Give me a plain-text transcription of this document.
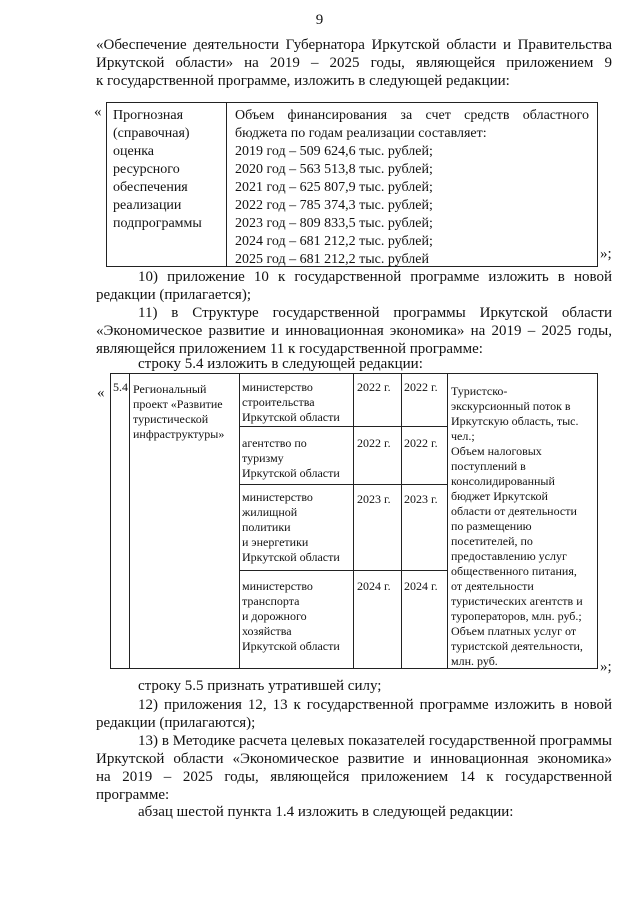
9
«Обеспечение деятельности Губернатора Иркутской области и Правительства
Иркутской области» на 2019 – 2025 годы, являющейся приложением 9
к государственной программе, изложить в следующей редакции:
« Прогнозная
(справочная)
оценка
ресурсного
обеспечения
реализации
подпрограммы
Объем финансирования за счет средств областного
бюджета по годам реализации составляет:
2019 год – 509 624,6 тыс. рублей;
2020 год – 563 513,8 тыс. рублей;
2021 год – 625 807,9 тыс. рублей;
2022 год – 785 374,3 тыс. рублей;
2023 год – 809 833,5 тыс. рублей;
2024 год – 681 212,2 тыс. рублей;
2025 год – 681 212,2 тыс. рублей	»;
10) приложение 10 к государственной программе изложить в новой
редакции (прилагается);
11) в Структуре государственной программы Иркутской области
«Экономическое развитие и инновационная экономика» на 2019 – 2025 годы,
являющейся приложением 11 к государственной программе:
строку 5.4 изложить в следующей редакции:
« 5.4 Региональный
проект «Развитие
туристической
инфраструктуры»
министерство
строительства
Иркутской области
2022 г. 2022 г.
агентство по
туризму
Иркутской области
2022 г. 2022 г.
министерство
жилищной
политики
и энергетики
Иркутской области
2023 г. 2023 г.
министерство
транспорта
и дорожного
хозяйства
Иркутской области
2024 г. 2024 г.
Туристско-
экскурсионный поток в
Иркутскую область, тыс.
чел.;
Объем налоговых
поступлений в
консолидированный
бюджет Иркутской
области от деятельности
по размещению
посетителей, по
предоставлению услуг
общественного питания,
от деятельности
туристических агентств и
туроператоров, млн. руб.;
Объем платных услуг от
туристской деятельности,
млн. руб.	»;
строку 5.5 признать утратившей силу;
12) приложения 12, 13 к государственной программе изложить в новой
редакции (прилагаются);
13) в Методике расчета целевых показателей государственной программы
Иркутской области «Экономическое развитие и инновационная экономика»
на 2019 – 2025 годы, являющейся приложением 14 к государственной
программе:
абзац шестой пункта 1.4 изложить в следующей редакции:
